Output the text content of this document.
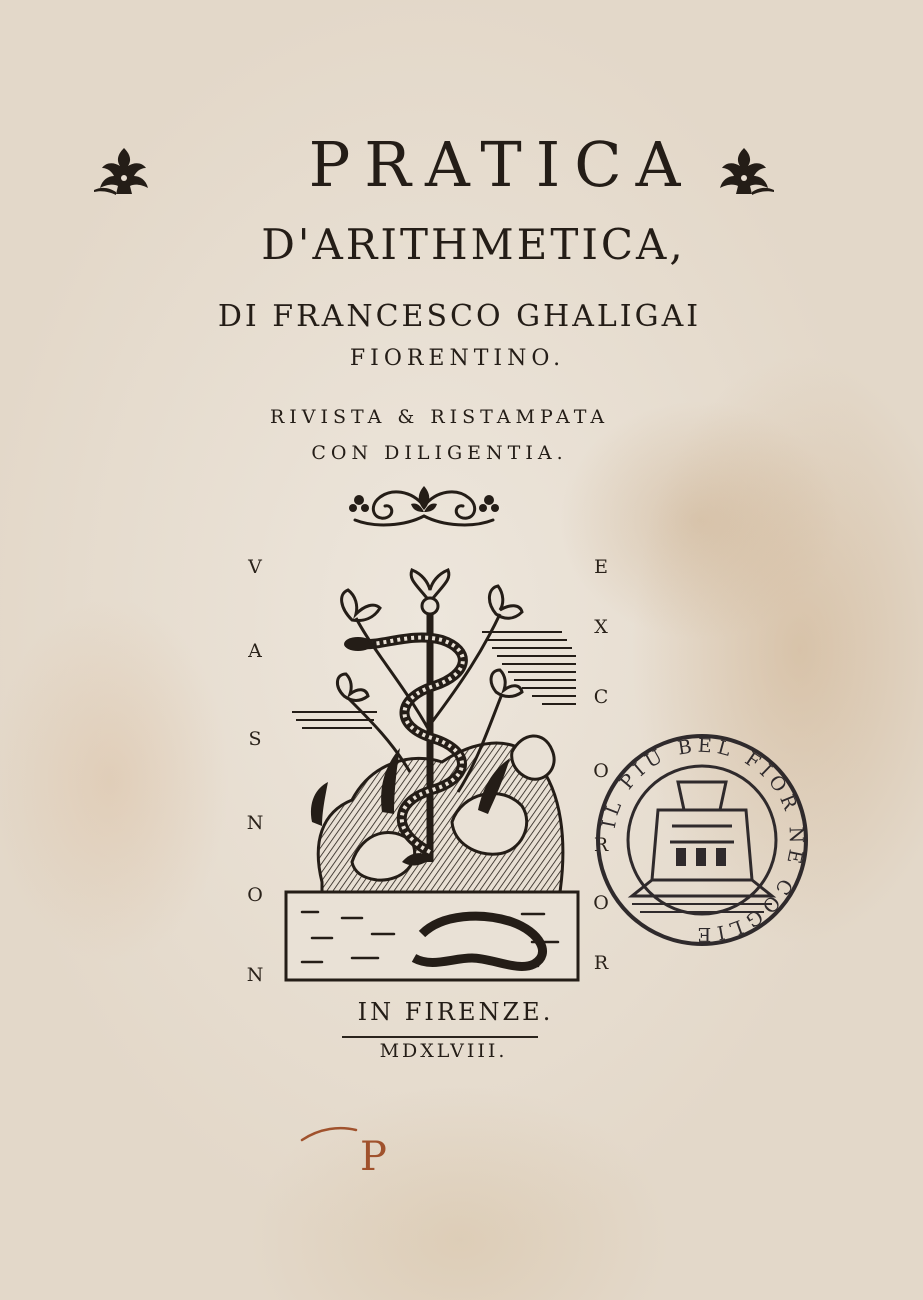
PRATICA
D'ARITHMETICA,
DI FRANCESCO GHALIGAI
FIORENTINO.
RIVISTA & RISTAMPATA
CON DILIGENTIA.
V
A
S
N
O
N
E
X
C
O
R
O
R
IL PIÙ BEL FIOR NE COGLIE
IN FIRENZE.
MDXLVIII.
P
